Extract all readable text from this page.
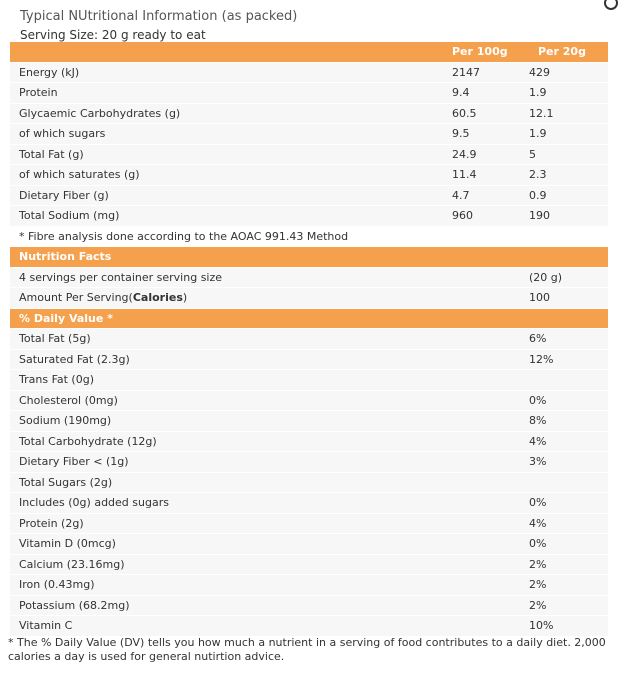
Typical NUtritional Information (as packed)
Serving Size: 20 g ready to eat
Per 100g	Per 20g
Energy (kJ)	2147	429
Protein	9.4	1.9
Glycaemic Carbohydrates (g)	60.5	12.1
of which sugars	9.5	1.9
Total Fat (g)	24.9	5
of which saturates (g)	11.4	2.3
Dietary Fiber (g)	4.7	0.9
Total Sodium (mg)	960	190
* Fibre analysis done according to the AOAC 991.43 Method
Nutrition Facts
4 servings per container serving size	(20 g)
Amount Per Serving(Calories)	100
% Daily Value *
Total Fat (5g)	6%
Saturated Fat (2.3g)	12%
Trans Fat (0g)
Cholesterol (0mg)	0%
Sodium (190mg)	8%
Total Carbohydrate (12g)	4%
Dietary Fiber < (1g)	3%
Total Sugars (2g)
Includes (0g) added sugars	0%
Protein (2g)	4%
Vitamin D (0mcg)	0%
Calcium (23.16mg)	2%
Iron (0.43mg)	2%
Potassium (68.2mg)	2%
Vitamin C	10%
* The % Daily Value (DV) tells you how much a nutrient in a serving of food contributes to a daily diet. 2,000 calories a day is used for general nutirtion advice.
